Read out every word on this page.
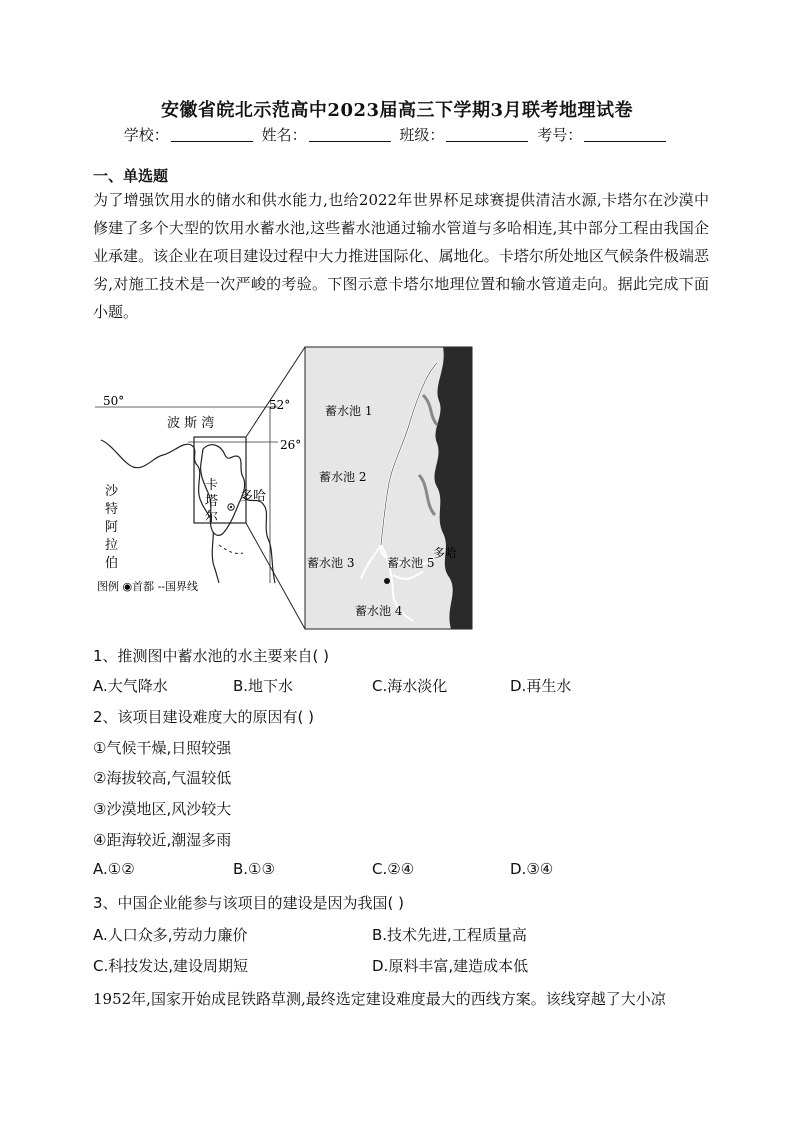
安徽省皖北示范高中2023届高三下学期3月联考地理试卷
学校：	姓名：	班级：	考号：
一、单选题
为了增强饮用水的储水和供水能力,也给2022年世界杯足球赛提供清洁水源,卡塔尔在沙漠中修建了多个大型的饮用水蓄水池,这些蓄水池通过输水管道与多哈相连,其中部分工程由我国企业承建。该企业在项目建设过程中大力推进国际化、属地化。卡塔尔所处地区气候条件极端恶劣,对施工技术是一次严峻的考验。下图示意卡塔尔地理位置和输水管道走向。据此完成下面小题。
50°	52°
26°
波 斯 湾
多哈
沙
特
阿
拉
伯
卡
塔
尔
图例 ◉首都 --国界线
蓄水池 1
蓄水池 2
蓄水池 3	蓄水池 5
蓄水池 4
多哈
1、推测图中蓄水池的水主要来自( )
A.大气降水	B.地下水	C.海水淡化	D.再生水
2、该项目建设难度大的原因有( )
①气候干燥,日照较强
②海拔较高,气温较低
③沙漠地区,风沙较大
④距海较近,潮湿多雨
A.①②	B.①③	C.②④	D.③④
3、中国企业能参与该项目的建设是因为我国( )
A.人口众多,劳动力廉价	B.技术先进,工程质量高
C.科技发达,建设周期短	D.原料丰富,建造成本低
1952年,国家开始成昆铁路草测,最终选定建设难度最大的西线方案。该线穿越了大小凉
